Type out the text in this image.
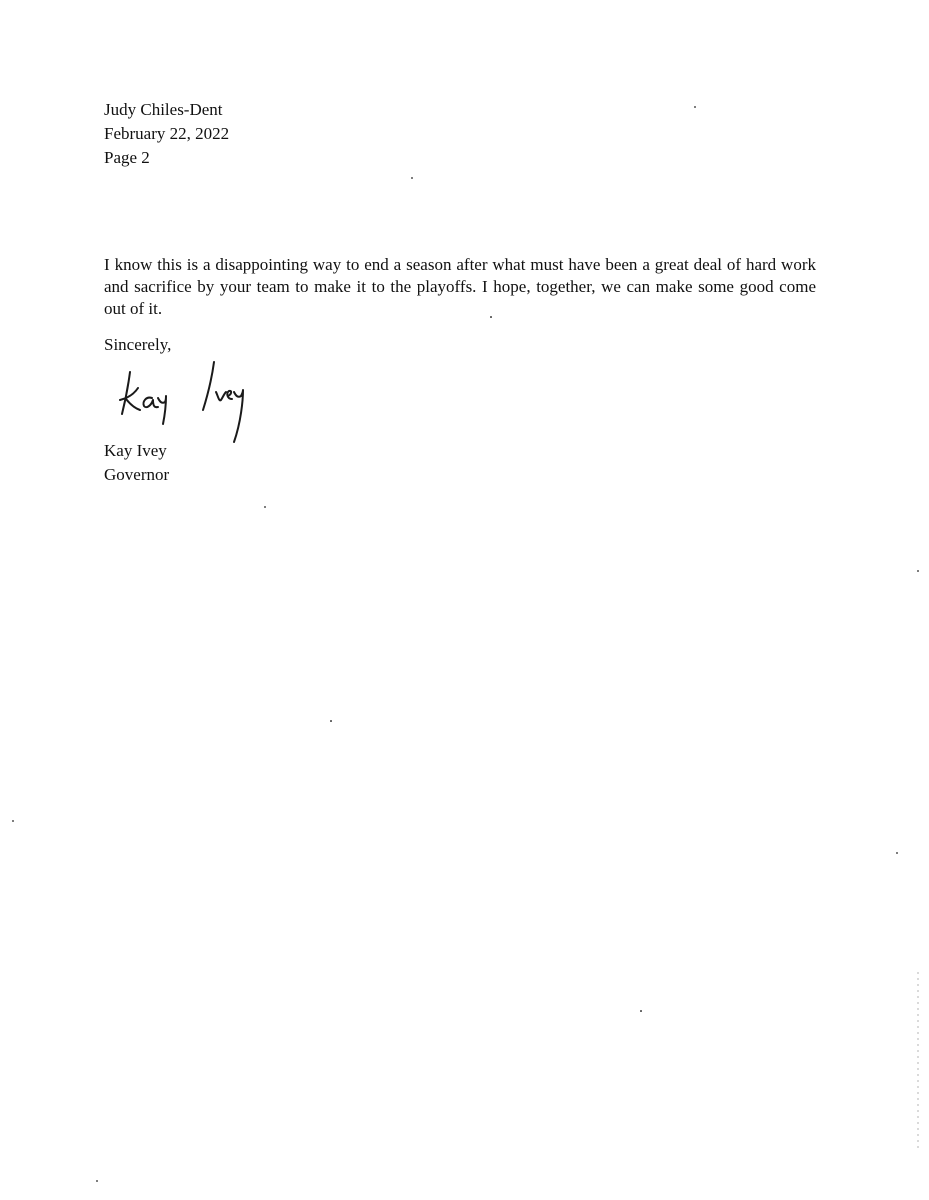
Judy Chiles-Dent
February 22, 2022
Page 2
I know this is a disappointing way to end a season after what must have been a great deal of hard work and sacrifice by your team to make it to the playoffs. I hope, together, we can make some good come out of it.
Sincerely,
Kay Ivey
Governor
